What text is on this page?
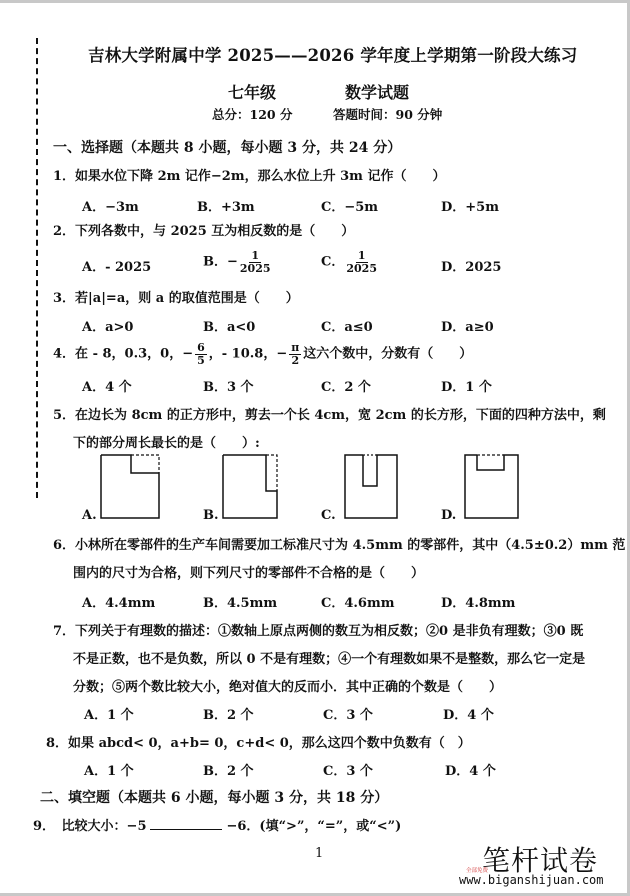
吉林大学附属中学 2025——2026 学年度上学期第一阶段大练习
七年级	数学试题
总分：120 分	答题时间：90 分钟
一、选择题（本题共 8 小题，每小题 3 分，共 24 分）
1．如果水位下降 2m 记作−2m，那么水位上升 3m 记作（　　）
A．−3m	B．+3m	C．−5m	D．+5m
2．下列各数中，与 2025 互为相反数的是（　　）
A．- 2025	B．− $\frac{1}{2025}$	C． $\frac{1}{2025}$	D．2025
3．若|a|=a，则 a 的取值范围是（　　）
A．a>0	B．a<0	C．a≤0	D．a≥0
4．在 - 8，0.3，0，− $\frac{6}{5}$ ，- 10.8，− $\frac{\pi}{2}$ 这六个数中，分数有（　　）
A．4 个	B．3 个	C．2 个	D．1 个
5．在边长为 8cm 的正方形中，剪去一个长 4cm，宽 2cm 的长方形，下面的四种方法中，剩
下的部分周长最长的是（　　）:
A.	B.	C.	D.
6．小林所在零部件的生产车间需要加工标准尺寸为 4.5mm 的零部件，其中（4.5±0.2）mm 范
围内的尺寸为合格，则下列尺寸的零部件不合格的是（　　）
A．4.4mm	B．4.5mm	C．4.6mm	D．4.8mm
7．下列关于有理数的描述：①数轴上原点两侧的数互为相反数；②0 是非负有理数；③0 既
不是正数，也不是负数，所以 0 不是有理数；④一个有理数如果不是整数，那么它一定是
分数；⑤两个数比较大小，绝对值大的反而小．其中正确的个数是（　　）
A．1 个	B．2 个	C．3 个	D．4 个
8．如果 abcd< 0，a+b= 0，c+d< 0，那么这四个数中负数有（　）
A．1 个	B．2 个	C．3 个	D．4 个
二、填空题（本题共 6 小题，每小题 3 分，共 18 分）
9．　比较大小：−5	−6．(填“>”，“=”，或“<”)
1	笔杆试卷
全部免费
www.biganshijuan.com
